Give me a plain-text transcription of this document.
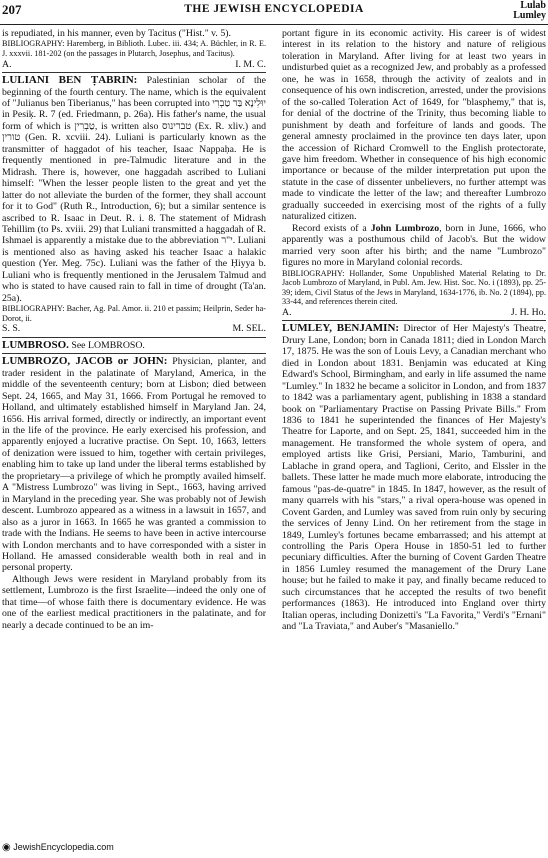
207	THE JEWISH ENCYCLOPEDIA	Lulab
Lumley

is repudiated, in his manner, even by Tacitus ("Hist." v. 5).

BIBLIOGRAPHY: Haremberg, in Biblioth. Lubec. iii. 434; A. Büchler, in R. E. J. xxxvii. 181-202 (on the passages in Plutarch, Josephus, and Tacitus).

A.	I. M. C.

LULIANI BEN ṬABRIN: Palestinian scholar of the beginning of the fourth century. The name, which is the equivalent of "Julianus ben Tiberianus," has been corrupted into יוּלִינָא בַּר טַבְרִי in Pesiḳ. R. 7 (ed. Friedmann, p. 26a). His father's name, the usual form of which is טַבְרִין, is written also טברינוס (Ex. R. xliv.) and טורין (Gen. R. xcviii. 24). Luliani is particularly known as the transmitter of haggadot of his teacher, Isaac Nappaḥa. He is frequently mentioned in pre-Talmudic literature and in the Midrash. There is, however, one haggadah ascribed to Luliani himself: "When the lesser people listen to the great and yet the latter do not alleviate the burden of the former, they shall account for it to God" (Ruth R., Introduction, 6); but a similar sentence is ascribed to R. Isaac in Deut. R. i. 8. The statement of Midrash Tehillim (to Ps. xviii. 29) that Luliani transmitted a haggadah of R. Ishmael is apparently a mistake due to the abbreviation י"ר. Luliani is mentioned also as having asked his teacher Isaac a halakic question (Yer. Meg. 75c). Luliani was the father of the Ḥiyya b. Luliani who is frequently mentioned in the Jerusalem Talmud and who is stated to have caused rain to fall in time of drought (Ta'an. 25a).

BIBLIOGRAPHY: Bacher, Ag. Pal. Amor. ii. 210 et passim; Heilprin, Seder ha-Dorot, ii.

S. S.	M. SEL.

LUMBROSO. See LOMBROSO.

LUMBROZO, JACOB or JOHN: Physician, planter, and trader resident in the palatinate of Maryland, America, in the middle of the seventeenth century; born at Lisbon; died between Sept. 24, 1665, and May 31, 1666. From Portugal he removed to Holland, and ultimately established himself in Maryland Jan. 24, 1656. His arrival formed, directly or indirectly, an important event in the life of the province. He early exercised his profession, and apparently enjoyed a lucrative practise. On Sept. 10, 1663, letters of denization were issued to him, together with certain privileges, enabling him to take up land under the liberal terms established by the proprietary—a privilege of which he promptly availed himself. A "Mistress Lumbrozo" was living in Sept., 1663, having arrived in Maryland in the preceding year. She was probably not of Jewish descent. Lumbrozo appeared as a witness in a lawsuit in 1657, and also as a juror in 1663. In 1665 he was granted a commission to trade with the Indians. He seems to have been in active intercourse with London merchants and to have corresponded with a sister in Holland. He amassed considerable wealth both in real and in personal property.

Although Jews were resident in Maryland probably from its settlement, Lumbrozo is the first Israelite—indeed the only one of that time—of whose faith there is documentary evidence. He was one of the earliest medical practitioners in the palatinate, and for nearly a decade continued to be an im-

portant figure in its economic activity. His career is of widest interest in its relation to the history and nature of religious toleration in Maryland. After living for at least two years in undisturbed quiet as a recognized Jew, and probably as a professed one, he was in 1658, through the activity of zealots and in consequence of his own indiscretion, arrested, under the provisions of the so-called Toleration Act of 1649, for "blasphemy," that is, for denial of the doctrine of the Trinity, thus becoming liable to punishment by death and forfeiture of lands and goods. The general amnesty proclaimed in the province ten days later, upon the accession of Richard Cromwell to the English protectorate, gave him freedom. Whether in consequence of his high economic importance or because of the milder interpretation put upon the statute in the case of dissenter unbelievers, no further attempt was made to vindicate the letter of the law; and thereafter Lumbrozo gradually succeeded in exercising most of the rights of a fully naturalized citizen.

Record exists of a John Lumbrozo, born in June, 1666, who apparently was a posthumous child of Jacob's. But the widow married very soon after his birth; and the name "Lumbrozo" figures no more in Maryland colonial records.

BIBLIOGRAPHY: Hollander, Some Unpublished Material Relating to Dr. Jacob Lumbrozo of Maryland, in Publ. Am. Jew. Hist. Soc. No. i (1893), pp. 25-39; idem, Civil Status of the Jews in Maryland, 1634-1776, ib. No. 2 (1894), pp. 33-44, and references therein cited.

A.	J. H. Ho.

LUMLEY, BENJAMIN: Director of Her Majesty's Theatre, Drury Lane, London; born in Canada 1811; died in London March 17, 1875. He was the son of Louis Levy, a Canadian merchant who died in London about 1831. Benjamin was educated at King Edward's School, Birmingham, and early in life assumed the name "Lumley." In 1832 he became a solicitor in London, and from 1837 to 1842 was a parliamentary agent, publishing in 1838 a standard book on "Parliamentary Practise on Passing Private Bills." From 1836 to 1841 he superintended the finances of Her Majesty's Theatre for Laporte, and on Sept. 25, 1841, succeeded him in the management. He transformed the whole system of opera, and employed artists like Grisi, Persiani, Mario, Tamburini, and Lablache in grand opera, and Taglioni, Cerito, and Elssler in the ballets. These latter he made much more elaborate, introducing the famous "pas-de-quatre" in 1845. In 1847, however, as the result of many quarrels with his "stars," a rival opera-house was opened in Covent Garden, and Lumley was saved from ruin only by securing the services of Jenny Lind. On her retirement from the stage in 1849, Lumley's fortunes became embarrassed; and his attempt at controlling the Paris Opera House in 1850-51 led to further pecuniary difficulties. After the burning of Covent Garden Theatre in 1856 Lumley resumed the management of the Drury Lane house; but he failed to make it pay, and finally became reduced to such circumstances that he accepted the results of two benefit performances (1863). He introduced into England over thirty Italian operas, including Donizetti's "La Favorita," Verdi's "Ernani" and "La Traviata," and Auber's "Masaniello."

◉ JewishEncyclopedia.com
